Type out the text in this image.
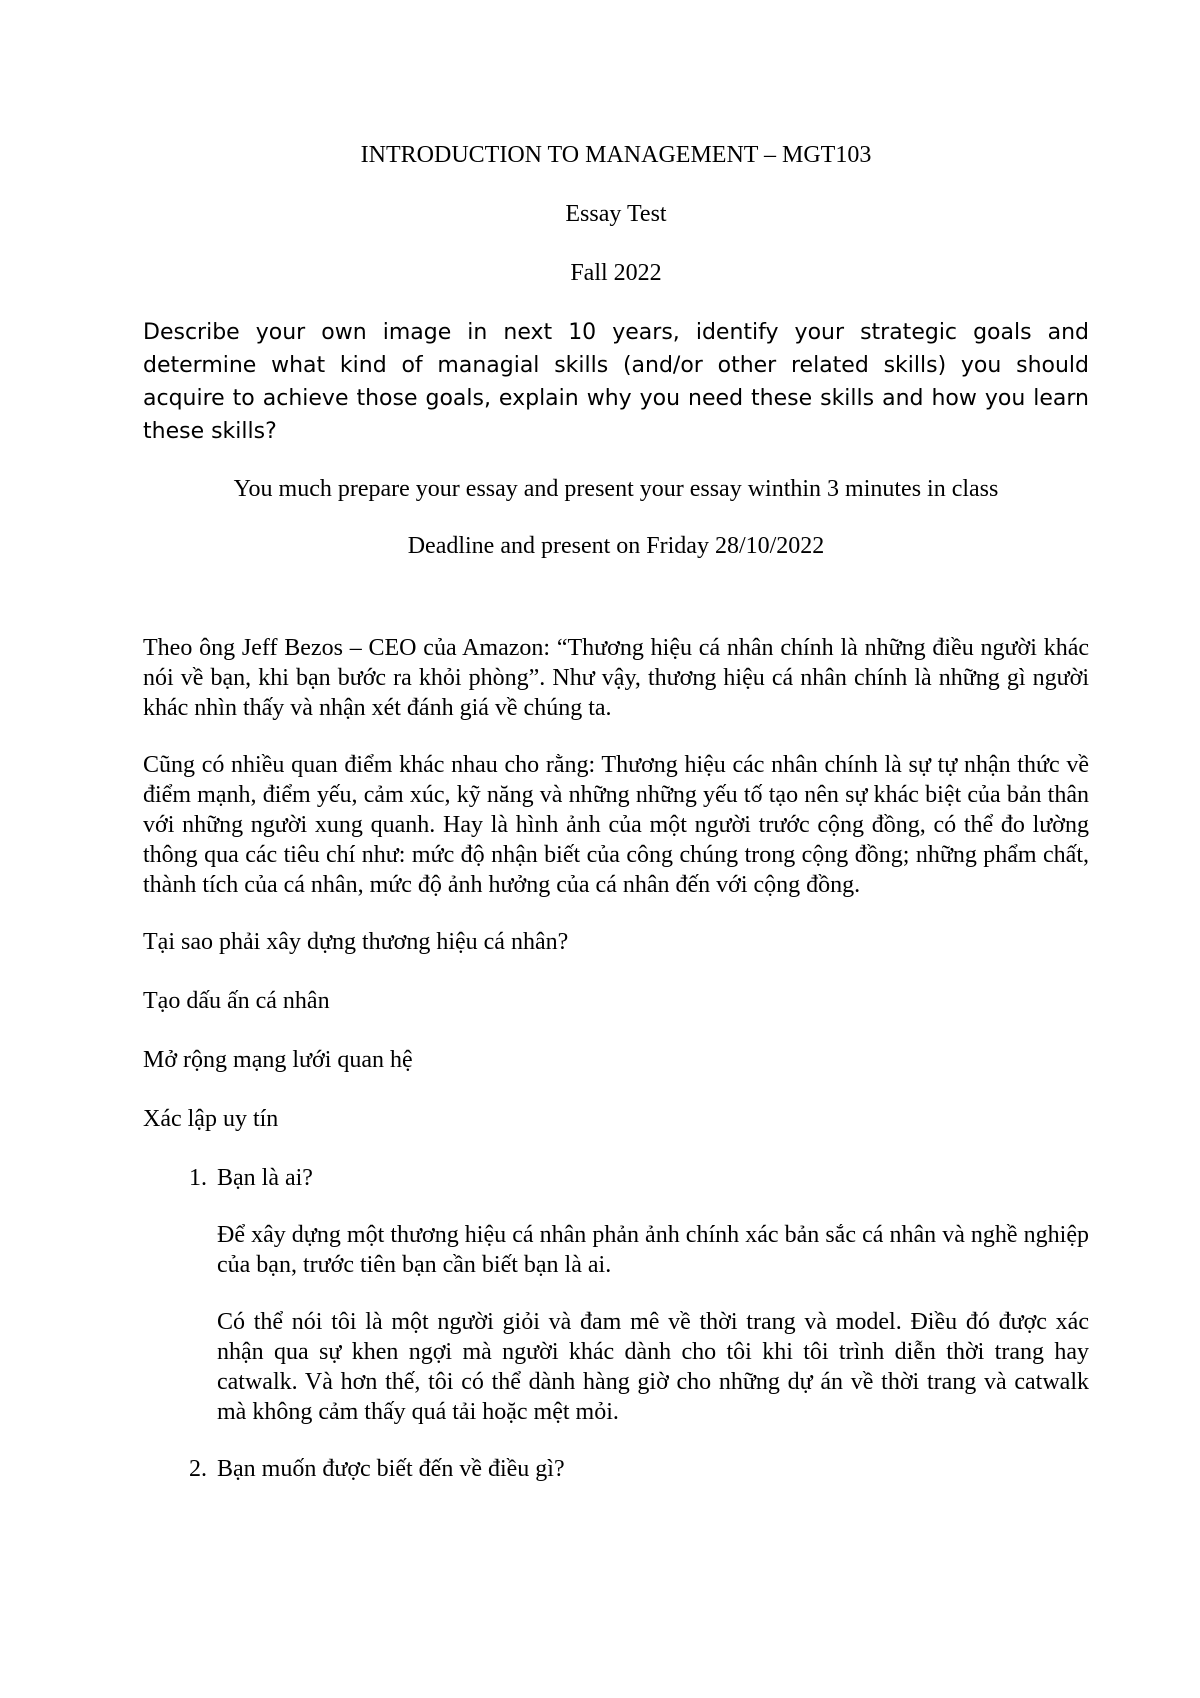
INTRODUCTION TO MANAGEMENT – MGT103

Essay Test

Fall 2022

Describe your own image in next 10 years, identify your strategic goals and determine what kind of managial skills (and/or other related skills) you should acquire to achieve those goals, explain why you need these skills and how you learn these skills?

You much prepare your essay and present your essay winthin 3 minutes in class

Deadline and present on Friday 28/10/2022

Theo ông Jeff Bezos – CEO của Amazon: “Thương hiệu cá nhân chính là những điều người khác nói về bạn, khi bạn bước ra khỏi phòng”. Như vậy, thương hiệu cá nhân chính là những gì người khác nhìn thấy và nhận xét đánh giá về chúng ta.

Cũng có nhiều quan điểm khác nhau cho rằng: Thương hiệu các nhân chính là sự tự nhận thức về điểm mạnh, điểm yếu, cảm xúc, kỹ năng và những những yếu tố tạo nên sự khác biệt của bản thân với những người xung quanh. Hay là hình ảnh của một người trước cộng đồng, có thể đo lường thông qua các tiêu chí như: mức độ nhận biết của công chúng trong cộng đồng; những phẩm chất, thành tích của cá nhân, mức độ ảnh hưởng của cá nhân đến với cộng đồng.

Tại sao phải xây dựng thương hiệu cá nhân?

Tạo dấu ấn cá nhân

Mở rộng mạng lưới quan hệ

Xác lập uy tín

1. Bạn là ai?

Để xây dựng một thương hiệu cá nhân phản ảnh chính xác bản sắc cá nhân và nghề nghiệp của bạn, trước tiên bạn cần biết bạn là ai.

Có thể nói tôi là một người giỏi và đam mê về thời trang và model. Điều đó được xác nhận qua sự khen ngợi mà người khác dành cho tôi khi tôi trình diễn thời trang hay catwalk. Và hơn thế, tôi có thể dành hàng giờ cho những dự án về thời trang và catwalk mà không cảm thấy quá tải hoặc mệt mỏi.

2. Bạn muốn được biết đến về điều gì?
